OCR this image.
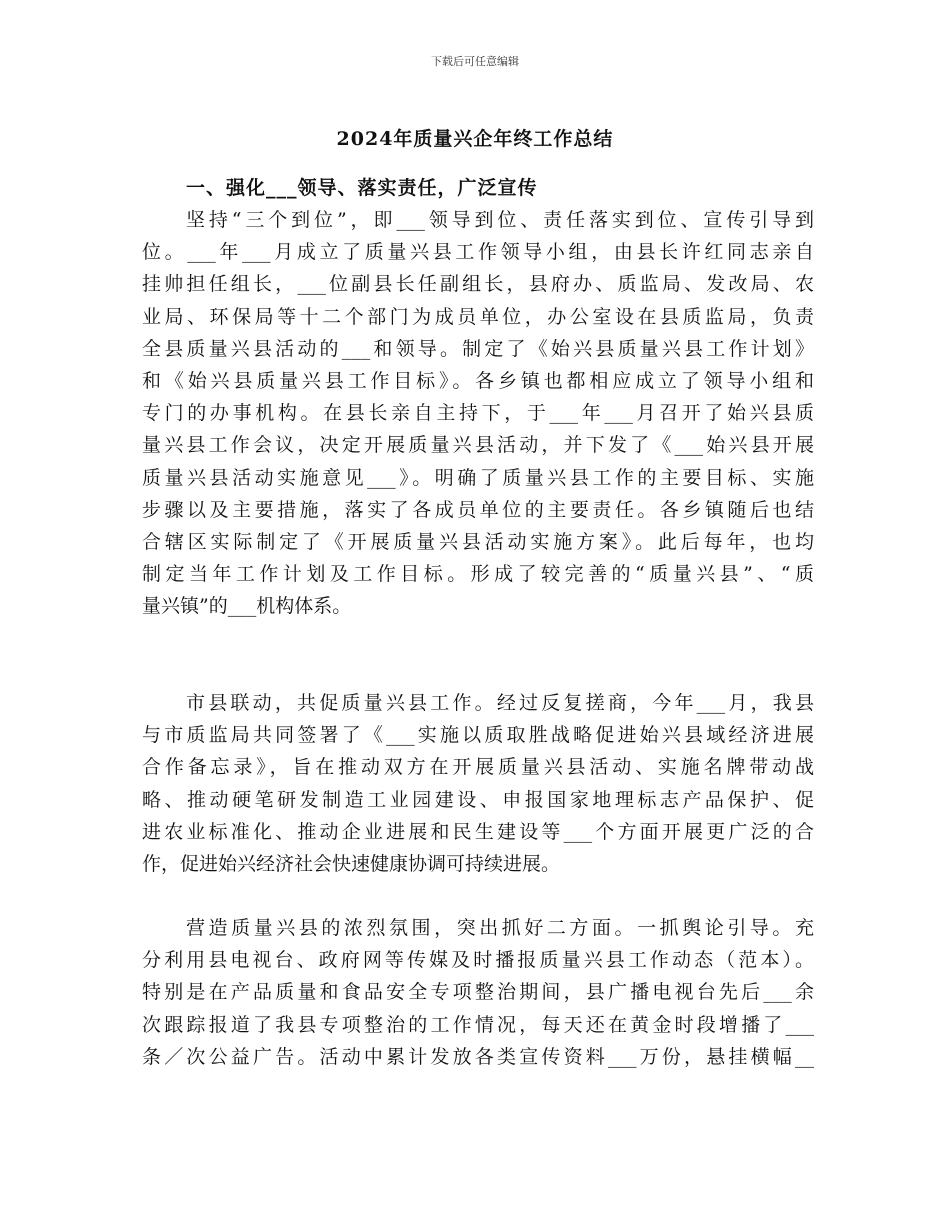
下载后可任意编辑
2024年质量兴企年终工作总结
一、强化___领导、落实责任，广泛宣传
坚持“三个到位”，即___领导到位、责任落实到位、宣传引导到
位。___年___月成立了质量兴县工作领导小组，由县长许红同志亲自
挂帅担任组长，___位副县长任副组长，县府办、质监局、发改局、农
业局、环保局等十二个部门为成员单位，办公室设在县质监局，负责
全县质量兴县活动的___和领导。制定了《始兴县质量兴县工作计划》
和《始兴县质量兴县工作目标》。各乡镇也都相应成立了领导小组和
专门的办事机构。在县长亲自主持下，于___年___月召开了始兴县质
量兴县工作会议，决定开展质量兴县活动，并下发了《___始兴县开展
质量兴县活动实施意见___》。明确了质量兴县工作的主要目标、实施
步骤以及主要措施，落实了各成员单位的主要责任。各乡镇随后也结
合辖区实际制定了《开展质量兴县活动实施方案》。此后每年，也均
制定当年工作计划及工作目标。形成了较完善的“质量兴县”、“质
量兴镇”的___机构体系。
市县联动，共促质量兴县工作。经过反复搓商，今年___月，我县
与市质监局共同签署了《___实施以质取胜战略促进始兴县域经济进展
合作备忘录》，旨在推动双方在开展质量兴县活动、实施名牌带动战
略、推动硬笔研发制造工业园建设、申报国家地理标志产品保护、促
进农业标准化、推动企业进展和民生建设等___个方面开展更广泛的合
作，促进始兴经济社会快速健康协调可持续进展。
营造质量兴县的浓烈氛围，突出抓好二方面。一抓舆论引导。充
分利用县电视台、政府网等传媒及时播报质量兴县工作动态（范本）。
特别是在产品质量和食品安全专项整治期间，县广播电视台先后___余
次跟踪报道了我县专项整治的工作情况，每天还在黄金时段增播了___
条／次公益广告。活动中累计发放各类宣传资料___万份，悬挂横幅__
